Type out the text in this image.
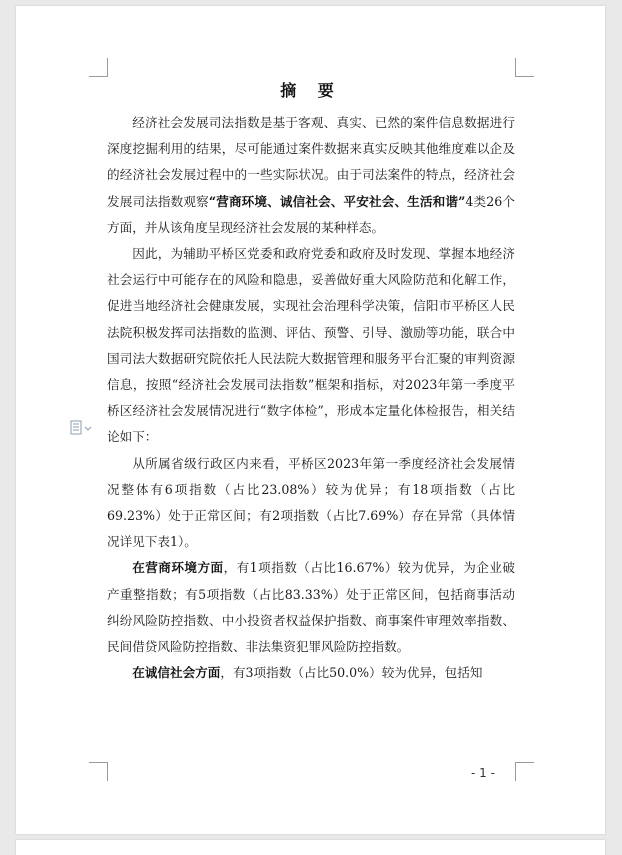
摘 要

经济社会发展司法指数是基于客观、真实、已然的案件信息数据进行深度挖掘利用的结果，尽可能通过案件数据来真实反映其他维度难以企及的经济社会发展过程中的一些实际状况。由于司法案件的特点，经济社会发展司法指数观察“营商环境、诚信社会、平安社会、生活和谐”4类26个方面，并从该角度呈现经济社会发展的某种样态。

因此，为辅助平桥区党委和政府党委和政府及时发现、掌握本地经济社会运行中可能存在的风险和隐患，妥善做好重大风险防范和化解工作，促进当地经济社会健康发展，实现社会治理科学决策，信阳市平桥区人民法院积极发挥司法指数的监测、评估、预警、引导、激励等功能，联合中国司法大数据研究院依托人民法院大数据管理和服务平台汇聚的审判资源信息，按照“经济社会发展司法指数”框架和指标，对2023年第一季度平桥区经济社会发展情况进行“数字体检”，形成本定量化体检报告，相关结论如下：

从所属省级行政区内来看，平桥区2023年第一季度经济社会发展情况整体有6项指数（占比23.08%）较为优异；有18项指数（占比69.23%）处于正常区间；有2项指数（占比7.69%）存在异常（具体情况详见下表1）。

在营商环境方面，有1项指数（占比16.67%）较为优异，为企业破产重整指数；有5项指数（占比83.33%）处于正常区间，包括商事活动纠纷风险防控指数、中小投资者权益保护指数、商事案件审理效率指数、民间借贷风险防控指数、非法集资犯罪风险防控指数。

在诚信社会方面，有3项指数（占比50.0%）较为优异，包括知

- 1 -
